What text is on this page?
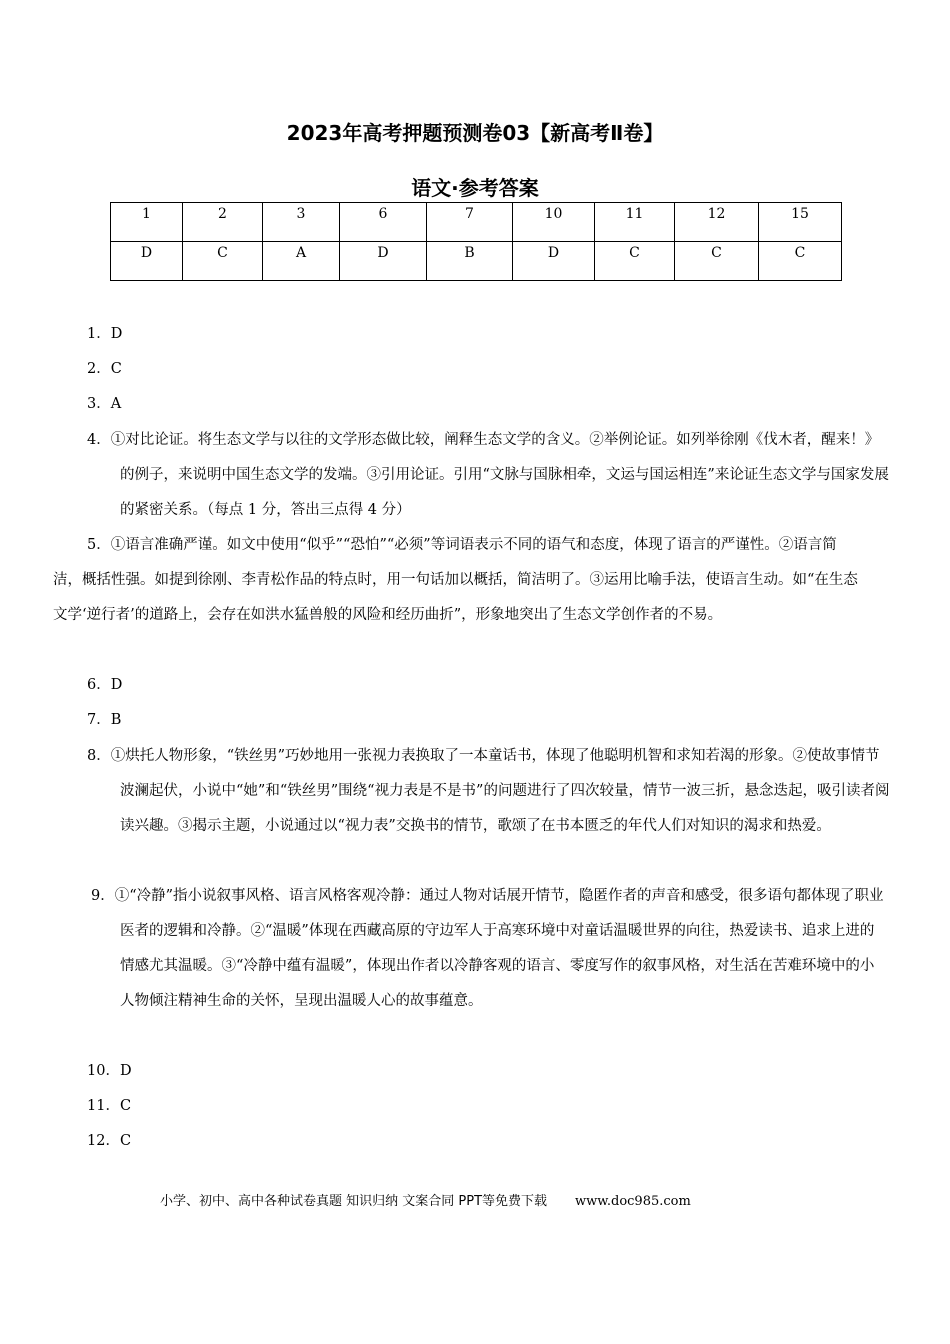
2023年高考押题预测卷03【新高考Ⅱ卷】
语文·参考答案
1	2	3	6	7	10	11	12	15
D	C	A	D	B	D	C	C	C
1．D
2．C
3．A
4．①对比论证。将生态文学与以往的文学形态做比较，阐释生态文学的含义。②举例论证。如列举徐刚《伐木者，醒来！》的例子，来说明中国生态文学的发端。③引用论证。引用“文脉与国脉相牵，文运与国运相连”来论证生态文学与国家发展的紧密关系。（每点 1 分，答出三点得 4 分）
5．①语言准确严谨。如文中使用“似乎”“恐怕”“必须”等词语表示不同的语气和态度，体现了语言的严谨性。②语言简洁，概括性强。如提到徐刚、李青松作品的特点时，用一句话加以概括，简洁明了。③运用比喻手法，使语言生动。如“在生态文学‘逆行者’的道路上，会存在如洪水猛兽般的风险和经历曲折”，形象地突出了生态文学创作者的不易。
6．D
7．B
8．①烘托人物形象，“铁丝男”巧妙地用一张视力表换取了一本童话书，体现了他聪明机智和求知若渴的形象。②使故事情节波澜起伏，小说中“她”和“铁丝男”围绕“视力表是不是书”的问题进行了四次较量，情节一波三折，悬念迭起，吸引读者阅读兴趣。③揭示主题，小说通过以“视力表”交换书的情节，歌颂了在书本匮乏的年代人们对知识的渴求和热爱。
9．①“冷静”指小说叙事风格、语言风格客观冷静：通过人物对话展开情节，隐匿作者的声音和感受，很多语句都体现了职业医者的逻辑和冷静。②“温暖”体现在西藏高原的守边军人于高寒环境中对童话温暖世界的向往，热爱读书、追求上进的情感尤其温暖。③“冷静中蕴有温暖”，体现出作者以冷静客观的语言、零度写作的叙事风格，对生活在苦难环境中的小人物倾注精神生命的关怀，呈现出温暖人心的故事蕴意。
10．D
11．C
12．C
小学、初中、高中各种试卷真题 知识归纳 文案合同 PPT等免费下载 www.doc985.com
